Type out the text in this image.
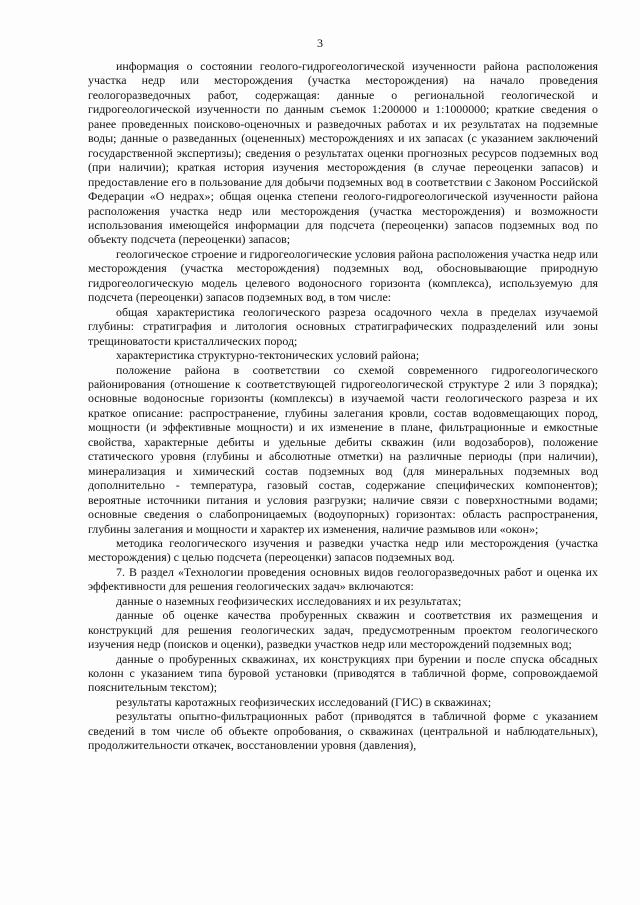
3

информация о состоянии геолого-гидрогеологической изученности района расположения участка недр или месторождения (участка месторождения) на начало проведения геологоразведочных работ, содержащая: данные о региональной геологической и гидрогеологической изученности по данным съемок 1:200000 и 1:1000000; краткие сведения о ранее проведенных поисково-оценочных и разведочных работах и их результатах на подземные воды; данные о разведанных (оцененных) месторождениях и их запасах (с указанием заключений государственной экспертизы); сведения о результатах оценки прогнозных ресурсов подземных вод (при наличии); краткая история изучения месторождения (в случае переоценки запасов) и предоставление его в пользование для добычи подземных вод в соответствии с Законом Российской Федерации «О недрах»; общая оценка степени геолого-гидрогеологической изученности района расположения участка недр или месторождения (участка месторождения) и возможности использования имеющейся информации для подсчета (переоценки) запасов подземных вод по объекту подсчета (переоценки) запасов;

геологическое строение и гидрогеологические условия района расположения участка недр или месторождения (участка месторождения) подземных вод, обосновывающие природную гидрогеологическую модель целевого водоносного горизонта (комплекса), используемую для подсчета (переоценки) запасов подземных вод, в том числе:

общая характеристика геологического разреза осадочного чехла в пределах изучаемой глубины: стратиграфия и литология основных стратиграфических подразделений или зоны трещиноватости кристаллических пород;

характеристика структурно-тектонических условий района;

положение района в соответствии со схемой современного гидрогеологического районирования (отношение к соответствующей гидрогеологической структуре 2 или 3 порядка); основные водоносные горизонты (комплексы) в изучаемой части геологического разреза и их краткое описание: распространение, глубины залегания кровли, состав водовмещающих пород, мощности (и эффективные мощности) и их изменение в плане, фильтрационные и емкостные свойства, характерные дебиты и удельные дебиты скважин (или водозаборов), положение статического уровня (глубины и абсолютные отметки) на различные периоды (при наличии), минерализация и химический состав подземных вод (для минеральных подземных вод дополнительно - температура, газовый состав, содержание специфических компонентов); вероятные источники питания и условия разгрузки; наличие связи с поверхностными водами; основные сведения о слабопроницаемых (водоупорных) горизонтах: область распространения, глубины залегания и мощности и характер их изменения, наличие размывов или «окон»;

методика геологического изучения и разведки участка недр или месторождения (участка месторождения) с целью подсчета (переоценки) запасов подземных вод.

7. В раздел «Технологии проведения основных видов геологоразведочных работ и оценка их эффективности для решения геологических задач» включаются:

данные о наземных геофизических исследованиях и их результатах;

данные об оценке качества пробуренных скважин и соответствия их размещения и конструкций для решения геологических задач, предусмотренным проектом геологического изучения недр (поисков и оценки), разведки участков недр или месторождений подземных вод;

данные о пробуренных скважинах, их конструкциях при бурении и после спуска обсадных колонн с указанием типа буровой установки (приводятся в табличной форме, сопровождаемой пояснительным текстом);

результаты каротажных геофизических исследований (ГИС) в скважинах;

результаты опытно-фильтрационных работ (приводятся в табличной форме с указанием сведений в том числе об объекте опробования, о скважинах (центральной и наблюдательных), продолжительности откачек, восстановлении уровня (давления),
